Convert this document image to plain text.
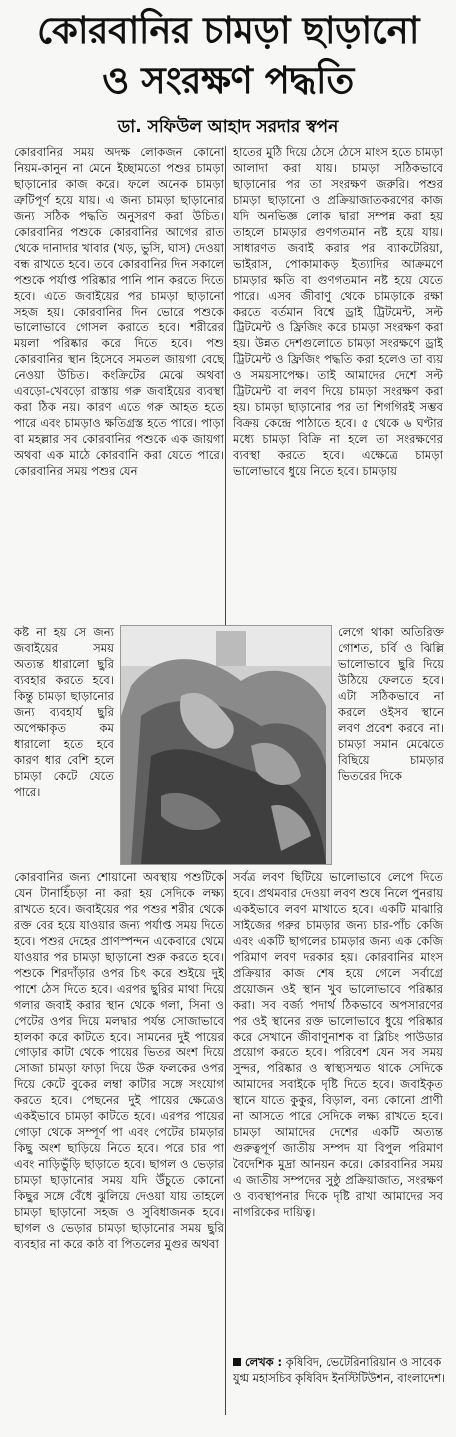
কোরবানির চামড়া ছাড়ানো
ও সংরক্ষণ পদ্ধতি
ডা. সফিউল আহাদ সরদার স্বপন

কোরবানির সময় অদক্ষ লোকজন কোনো নিয়ম-কানুন না মেনে ইচ্ছামতো পশুর চামড়া ছাড়ানোর কাজ করে। ফলে অনেক চামড়া ত্রুটিপূর্ণ হয়ে যায়। এ জন্য চামড়া ছাড়ানোর জন্য সঠিক পদ্ধতি অনুসরণ করা উচিত। কোরবানির পশুকে কোরবানির আগের রাত থেকে দানাদার খাবার (খড়, ভুসি, ঘাস) দেওয়া বন্ধ রাখতে হবে। তবে কোরবানির দিন সকালে পশুকে পর্যাপ্ত পরিষ্কার পানি পান করতে দিতে হবে। এতে জবাইয়ের পর চামড়া ছাড়ানো সহজ হয়। কোরবানির দিন ভোরে পশুকে ভালোভাবে গোসল করাতে হবে। শরীরের ময়লা পরিষ্কার করে দিতে হবে। পশু কোরবানির স্থান হিসেবে সমতল জায়গা বেছে নেওয়া উচিত। কংক্রিটের মেঝে অথবা এবড়ো-খেবড়ো রাস্তায় গরু জবাইয়ের ব্যবস্থা করা ঠিক নয়। কারণ এতে গরু আহত হতে পারে এবং চামড়াও ক্ষতিগ্রস্ত হতে পারে। পাড়া বা মহল্লার সব কোরবানির পশুকে এক জায়গা অথবা এক মাঠে কোরবানি করা যেতে পারে। কোরবানির সময় পশুর যেন

কষ্ট না হয় সে জন্য জবাইয়ের সময় অত্যন্ত ধারালো ছুরি ব্যবহার করতে হবে। কিন্তু চামড়া ছাড়ানোর জন্য ব্যবহার্য ছুরি অপেক্ষাকৃত কম ধারালো হতে হবে কারণ ধার বেশি হলে চামড়া কেটে যেতে পারে।
লেগে থাকা অতিরিক্ত গোশত, চর্বি ও ঝিল্লি ভালোভাবে ছুরি দিয়ে উঠিয়ে ফেলতে হবে। এটা সঠিকভাবে না করলে ওইসব স্থানে লবণ প্রবেশ করবে না। চামড়া সমান মেঝেতে বিছিয়ে চামড়ার ভিতরের দিকে

হাতের মুঠি দিয়ে ঠেসে ঠেসে মাংস হতে চামড়া আলাদা করা যায়। চামড়া সঠিকভাবে ছাড়ানোর পর তা সংরক্ষণ জরুরি। পশুর চামড়া ছাড়ানো ও প্রক্রিয়াজাতকরণের কাজ যদি অনভিজ্ঞ লোক দ্বারা সম্পন্ন করা হয় তাহলে চামড়ার গুণগতমান নষ্ট হয়ে যায়। সাধারণত জবাই করার পর ব্যাকটেরিয়া, ভাইরাস, পোকামাকড় ইত্যাদির আক্রমণে চামড়ার ক্ষতি বা গুণগতমান নষ্ট হয়ে যেতে পারে। এসব জীবাণু থেকে চামড়াকে রক্ষা করতে বর্তমান বিশ্বে ড্রাই ট্রিটমেন্ট, সল্ট ট্রিটমেন্ট ও ফ্রিজিং করে চামড়া সংরক্ষণ করা হয়। উন্নত দেশগুলোতে চামড়া সংরক্ষণে ড্রাই ট্রিটমেন্ট ও ফ্রিজিং পদ্ধতি করা হলেও তা ব্যয় ও সময়সাপেক্ষ। তাই আমাদের দেশে সল্ট ট্রিটমেন্ট বা লবণ দিয়ে চামড়া সংরক্ষণ করা হয়। চামড়া ছাড়ানোর পর তা শিগগিরই সম্ভব বিক্রয় কেন্দ্রে পাঠাতে হবে। ৫ থেকে ৬ ঘণ্টার মধ্যে চামড়া বিক্রি না হলে তা সংরক্ষণের ব্যবস্থা করতে হবে। এক্ষেত্রে চামড়া ভালোভাবে ধুয়ে নিতে হবে। চামড়ায়

কোরবানির জন্য শোয়ানো অবস্থায় পশুটিকে যেন টানাহিঁচড়া না করা হয় সেদিকে লক্ষ্য রাখতে হবে। জবাইয়ের পর পশুর শরীর থেকে রক্ত বের হয়ে যাওয়ার জন্য পর্যাপ্ত সময় দিতে হবে। পশুর দেহের প্রাণস্পন্দন একেবারে থেমে যাওয়ার পর চামড়া ছাড়ানো শুরু করতে হবে। পশুকে শিরদাঁড়ার ওপর চিৎ করে শুইয়ে দুই পাশে ঠেস দিতে হবে। এরপর ছুরির মাথা দিয়ে গলার জবাই করার স্থান থেকে গলা, সিনা ও পেটের ওপর দিয়ে মলদ্বার পর্যন্ত সোজাভাবে হালকা করে কাটতে হবে। সামনের দুই পায়ের গোড়ার কাটা থেকে পায়ের ভিতর অংশ দিয়ে সোজা চামড়া ফাড়া দিয়ে উরু ফলকের ওপর দিয়ে কেটে বুকের লম্বা কাটার সঙ্গে সংযোগ করতে হবে। পেছনের দুই পায়ের ক্ষেত্রেও একইভাবে চামড়া কাটতে হবে। এরপর পায়ের গোড়া থেকে সম্পূর্ণ পা এবং পেটের চামড়ার কিছু অংশ ছাড়িয়ে নিতে হবে। পরে চার পা এবং নাড়িভুঁড়ি ছাড়াতে হবে। ছাগল ও ভেড়ার চামড়া ছাড়ানোর সময় যদি উঁচুতে কোনো কিছুর সঙ্গে বেঁধে ঝুলিয়ে দেওয়া যায় তাহলে চামড়া ছাড়ানো সহজ ও সুবিধাজনক হবে। ছাগল ও ভেড়ার চামড়া ছাড়ানোর সময় ছুরি ব্যবহার না করে কাঠ বা পিতলের মুগুর অথবা

সর্বত্র লবণ ছিটিয়ে ভালোভাবে লেপে দিতে হবে। প্রথমবার দেওয়া লবণ শুষে নিলে পুনরায় একইভাবে লবণ মাখাতে হবে। একটি মাঝারি সাইজের গরুর চামড়ার জন্য চার-পাঁচ কেজি এবং একটি ছাগলের চামড়ার জন্য এক কেজি পরিমাণ লবণ দরকার হয়। কোরবানির মাংস প্রক্রিয়ার কাজ শেষ হয়ে গেলে সর্বাগ্রে প্রয়োজন ওই স্থান খুব ভালোভাবে পরিষ্কার করা। সব বর্জ্য পদার্থ ঠিকভাবে অপসারণের পর ওই স্থানের রক্ত ভালোভাবে ধুয়ে পরিষ্কার করে সেখানে জীবাণুনাশক বা ব্লিচিং পাউডার প্রয়োগ করতে হবে। পরিবেশ যেন সব সময় সুন্দর, পরিষ্কার ও স্বাস্থ্যসম্মত থাকে সেদিকে আমাদের সবাইকে দৃষ্টি দিতে হবে। জবাইকৃত স্থানে যাতে কুকুর, বিড়াল, বন্য কোনো প্রাণী না আসতে পারে সেদিকে লক্ষ্য রাখতে হবে। চামড়া আমাদের দেশের একটি অত্যন্ত গুরুত্বপূর্ণ জাতীয় সম্পদ যা বিপুল পরিমাণ বৈদেশিক মুদ্রা আনয়ন করে। কোরবানির সময় এ জাতীয় সম্পদের সুষ্ঠু প্রক্রিয়াজাত, সংরক্ষণ ও ব্যবস্থাপনার দিকে দৃষ্টি রাখা আমাদের সব নাগরিকের দায়িত্ব।

লেখক : কৃষিবিদ, ভেটেরিনারিয়ান ও সাবেক যুগ্ম মহাসচিব কৃষিবিদ ইনস্টিটিউশন, বাংলাদেশ।
